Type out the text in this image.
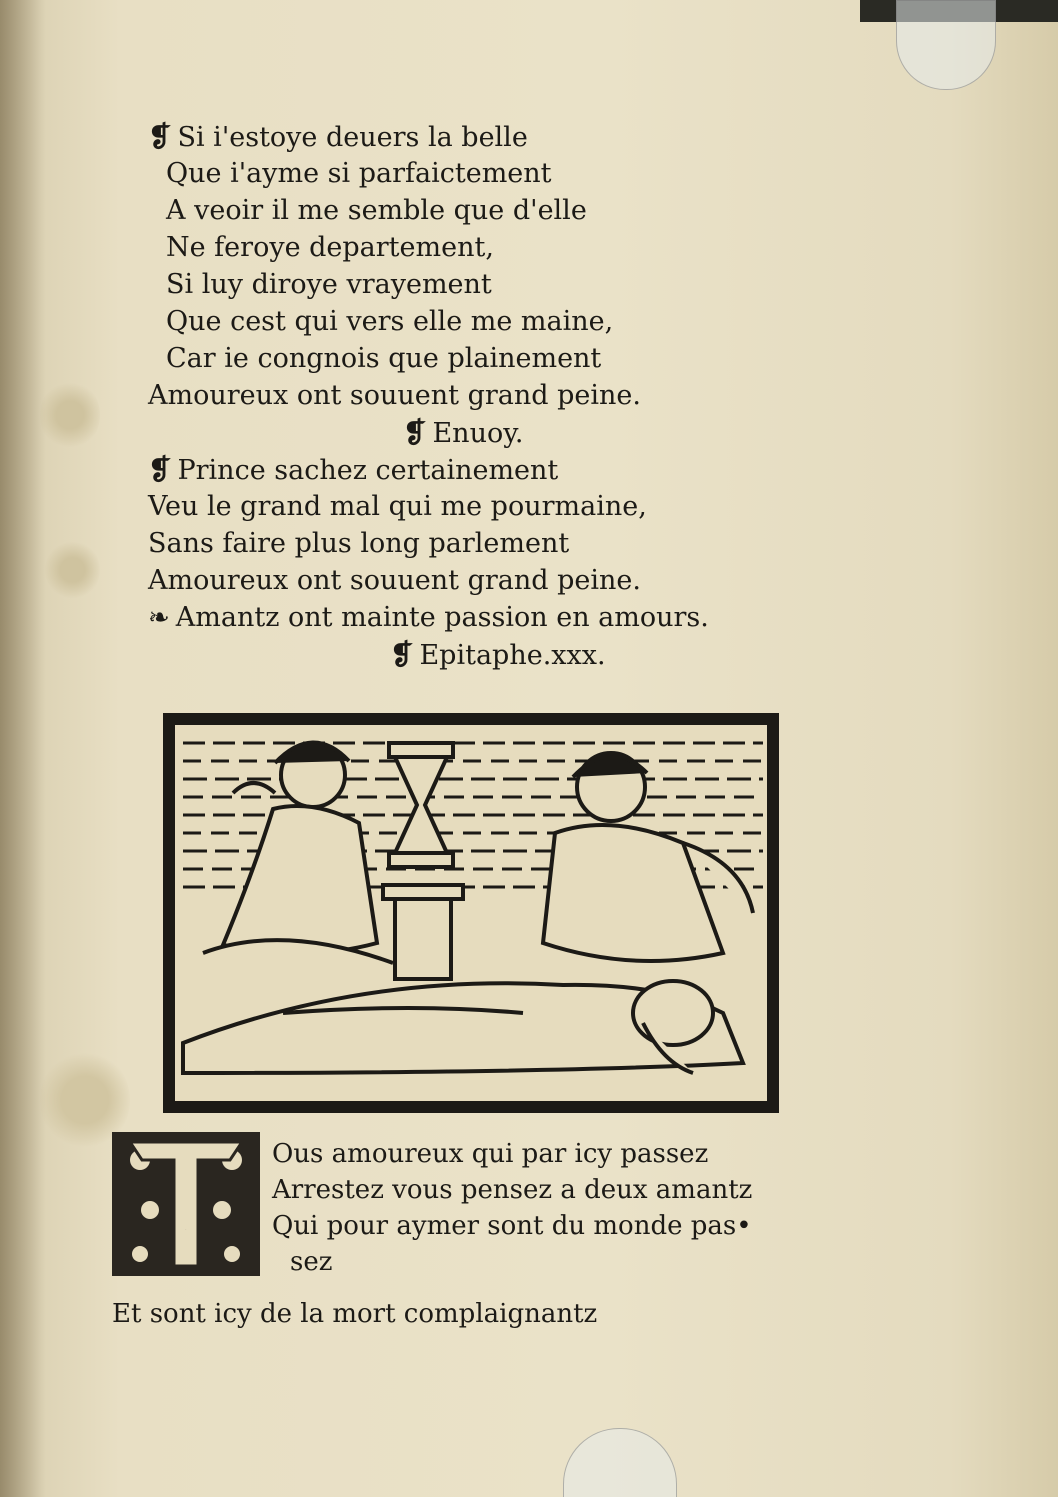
❡ Si i'estoye deuers la belle
Que i'ayme si parfaictement
A veoir il me semble que d'elle
Ne feroye departement,
Si luy diroye vrayement
Que cest qui vers elle me maine,
Car ie congnois que plainement
Amoureux ont souuent grand peine.
❡ Enuoy.
❡ Prince sachez certainement
Veu le grand mal qui me pourmaine,
Sans faire plus long parlement
Amoureux ont souuent grand peine.
❧ Amantz ont mainte passion en amours.
❡ Epitaphe.xxx.
T
Ous amoureux qui par icy passez
Arrestez vous pensez a deux amantz
Qui pour aymer sont du monde pas•
sez
Et sont icy de la mort complaignantz
